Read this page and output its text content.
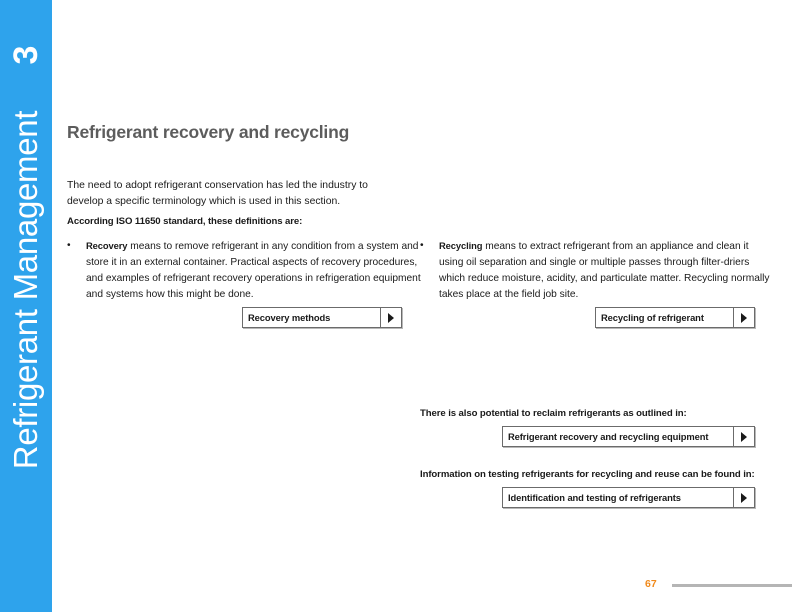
3
Refrigerant Management Refrigerant recovery and recycling

The need to adopt refrigerant conservation has led the industry to
develop a specific terminology which is used in this section.

According ISO 11650 standard, these definitions are:

• Recovery means to remove refrigerant in any condition from a system and store it in an external container. Practical aspects of recovery procedures, and examples of refrigerant recovery operations in refrigeration equipment and systems how this might be done.

• Recycling means to extract refrigerant from an appliance and clean it using oil separation and single or multiple passes through filter-driers which reduce moisture, acidity, and particulate matter. Recycling normally takes place at the field job site.

Recovery methods	Recycling of refrigerant
There is also potential to reclaim refrigerants as outlined in:
Refrigerant recovery and recycling equipment
Information on testing refrigerants for recycling and reuse can be found in:
Identification and testing of refrigerants
67
